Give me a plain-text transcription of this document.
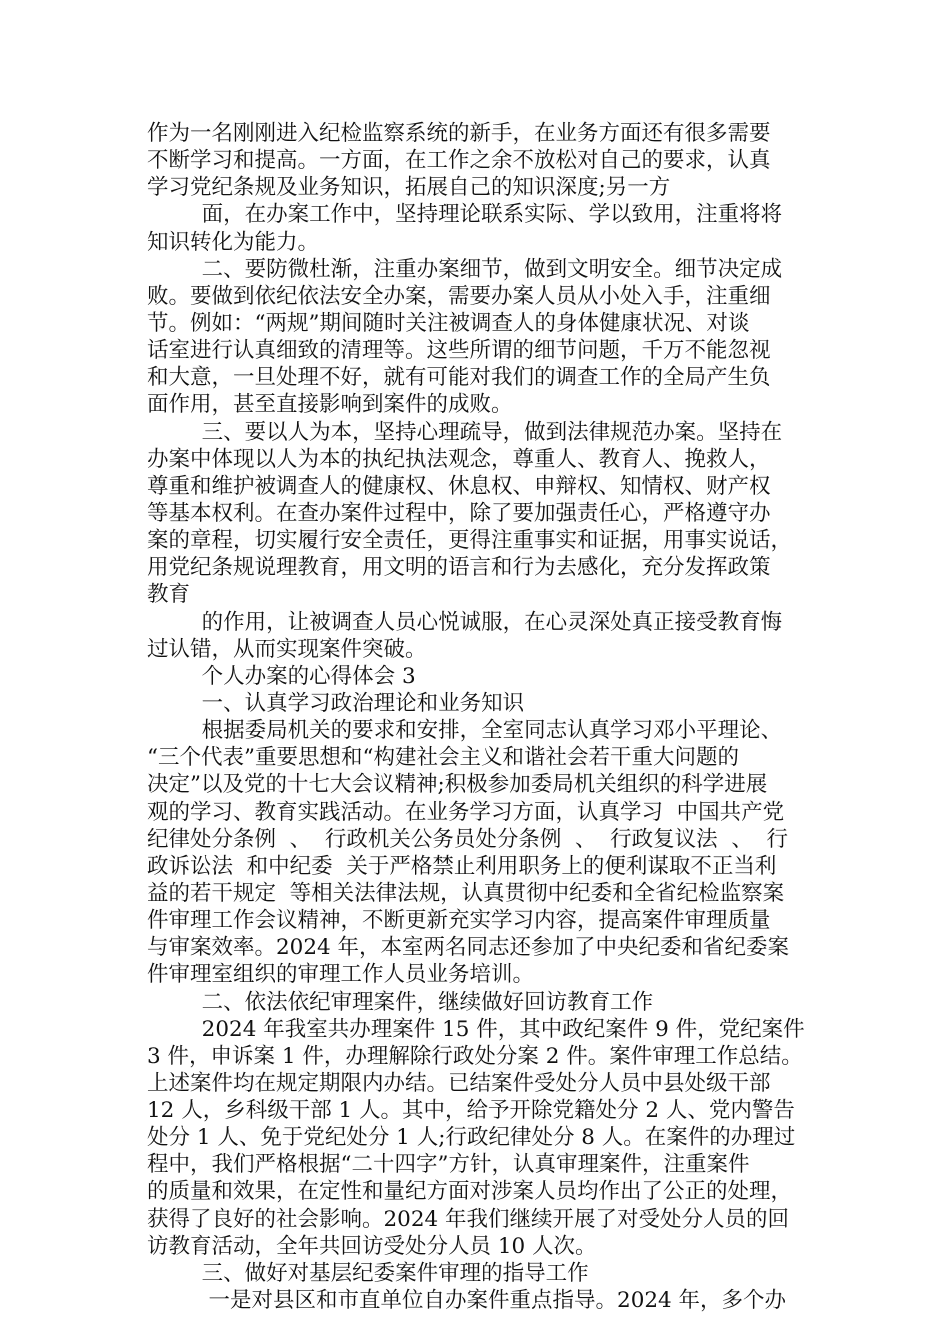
作为一名刚刚进入纪检监察系统的新手，在业务方面还有很多需要
不断学习和提高。一方面，在工作之余不放松对自己的要求，认真
学习党纪条规及业务知识，拓展自己的知识深度;另一方
面，在办案工作中，坚持理论联系实际、学以致用，注重将将
知识转化为能力。
二、要防微杜渐，注重办案细节，做到文明安全。细节决定成
败。要做到依纪依法安全办案，需要办案人员从小处入手，注重细
节。例如：“两规”期间随时关注被调查人的身体健康状况、对谈
话室进行认真细致的清理等。这些所谓的细节问题，千万不能忽视
和大意，一旦处理不好，就有可能对我们的调查工作的全局产生负
面作用，甚至直接影响到案件的成败。
三、要以人为本，坚持心理疏导，做到法律规范办案。坚持在
办案中体现以人为本的执纪执法观念，尊重人、教育人、挽救人，
尊重和维护被调查人的健康权、休息权、申辩权、知情权、财产权
等基本权利。在查办案件过程中，除了要加强责任心，严格遵守办
案的章程，切实履行安全责任，更得注重事实和证据，用事实说话，
用党纪条规说理教育，用文明的语言和行为去感化，充分发挥政策
教育
的作用，让被调查人员心悦诚服，在心灵深处真正接受教育悔
过认错，从而实现案件突破。
个人办案的心得体会 3
一、认真学习政治理论和业务知识
根据委局机关的要求和安排，全室同志认真学习邓小平理论、
“三个代表”重要思想和“构建社会主义和谐社会若干重大问题的
决定”以及党的十七大会议精神;积极参加委局机关组织的科学进展
观的学习、教育实践活动。在业务学习方面，认真学习  中国共产党
纪律处分条例  、  行政机关公务员处分条例  、  行政复议法  、  行
政诉讼法  和中纪委  关于严格禁止利用职务上的便利谋取不正当利
益的若干规定  等相关法律法规，认真贯彻中纪委和全省纪检监察案
件审理工作会议精神，不断更新充实学习内容，提高案件审理质量
与审案效率。2024 年，本室两名同志还参加了中央纪委和省纪委案
件审理室组织的审理工作人员业务培训。
二、依法依纪审理案件，继续做好回访教育工作
2024 年我室共办理案件 15 件，其中政纪案件 9 件，党纪案件
3 件，申诉案 1 件，办理解除行政处分案 2 件。案件审理工作总结。
上述案件均在规定期限内办结。已结案件受处分人员中县处级干部
12 人，乡科级干部 1 人。其中，给予开除党籍处分 2 人、党内警告
处分 1 人、免于党纪处分 1 人;行政纪律处分 8 人。在案件的办理过
程中，我们严格根据“二十四字”方针，认真审理案件，注重案件
的质量和效果，在定性和量纪方面对涉案人员均作出了公正的处理，
获得了良好的社会影响。2024 年我们继续开展了对受处分人员的回
访教育活动，全年共回访受处分人员 10 人次。
三、做好对基层纪委案件审理的指导工作
一是对县区和市直单位自办案件重点指导。2024 年，多个办
